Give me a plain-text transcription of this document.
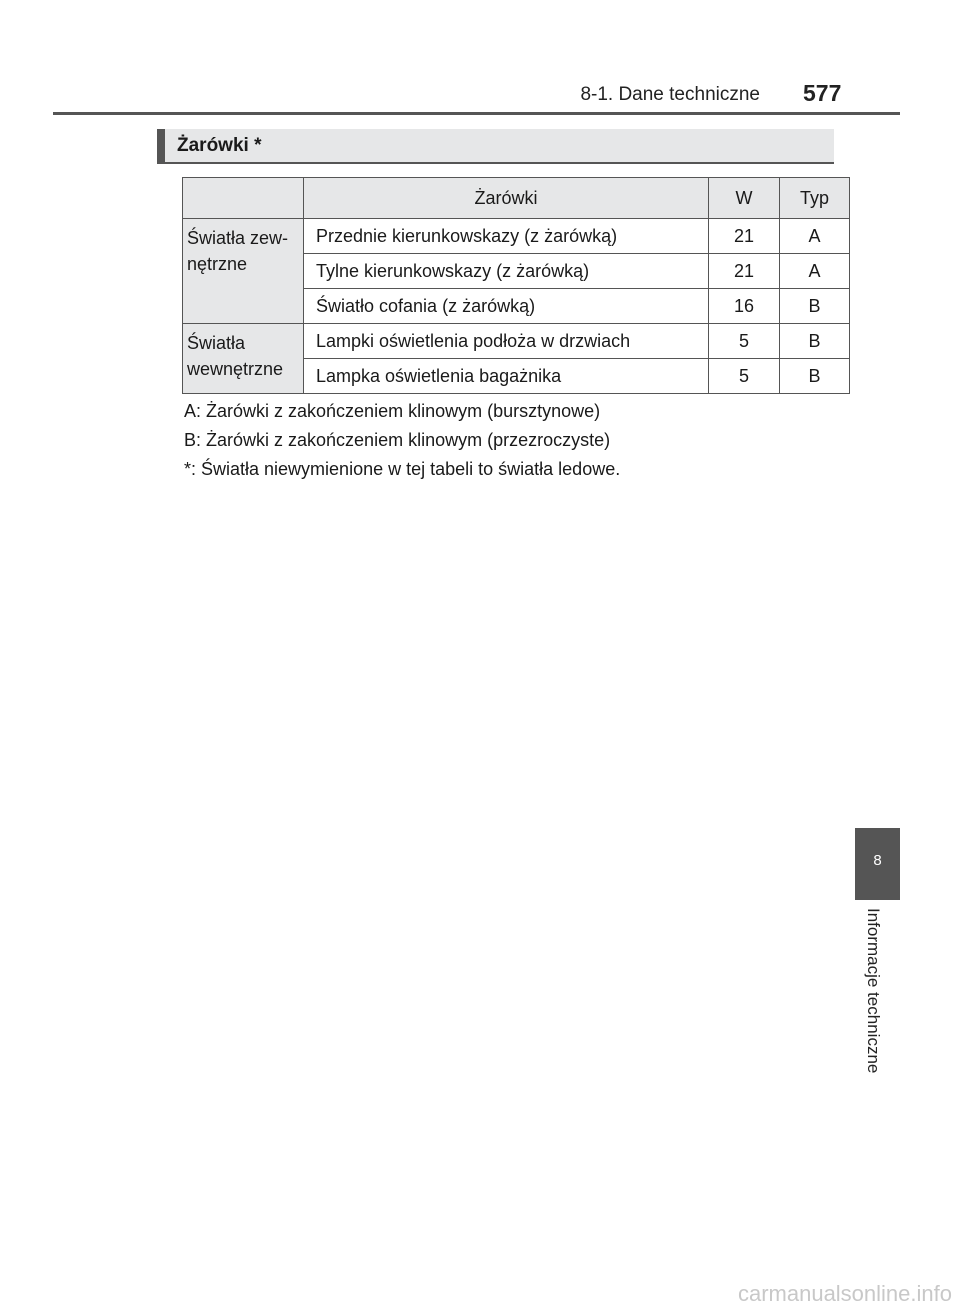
8-1. Dane techniczne 577
Żarówki *
	Żarówki	W	Typ
Światła zew-
nętrzne	Przednie kierunkowskazy (z żarówką)	21	A
	Tylne kierunkowskazy (z żarówką)	21	A
	Światło cofania (z żarówką)	16	B
Światła
wewnętrzne	Lampki oświetlenia podłoża w drzwiach	5	B
	Lampka oświetlenia bagażnika	5	B

A: Żarówki z zakończeniem klinowym (bursztynowe)

B: Żarówki z zakończeniem klinowym (przezroczyste)

*: Światła niewymienione w tej tabeli to światła ledowe.

8
Informacje techniczne
carmanualsonline.info
